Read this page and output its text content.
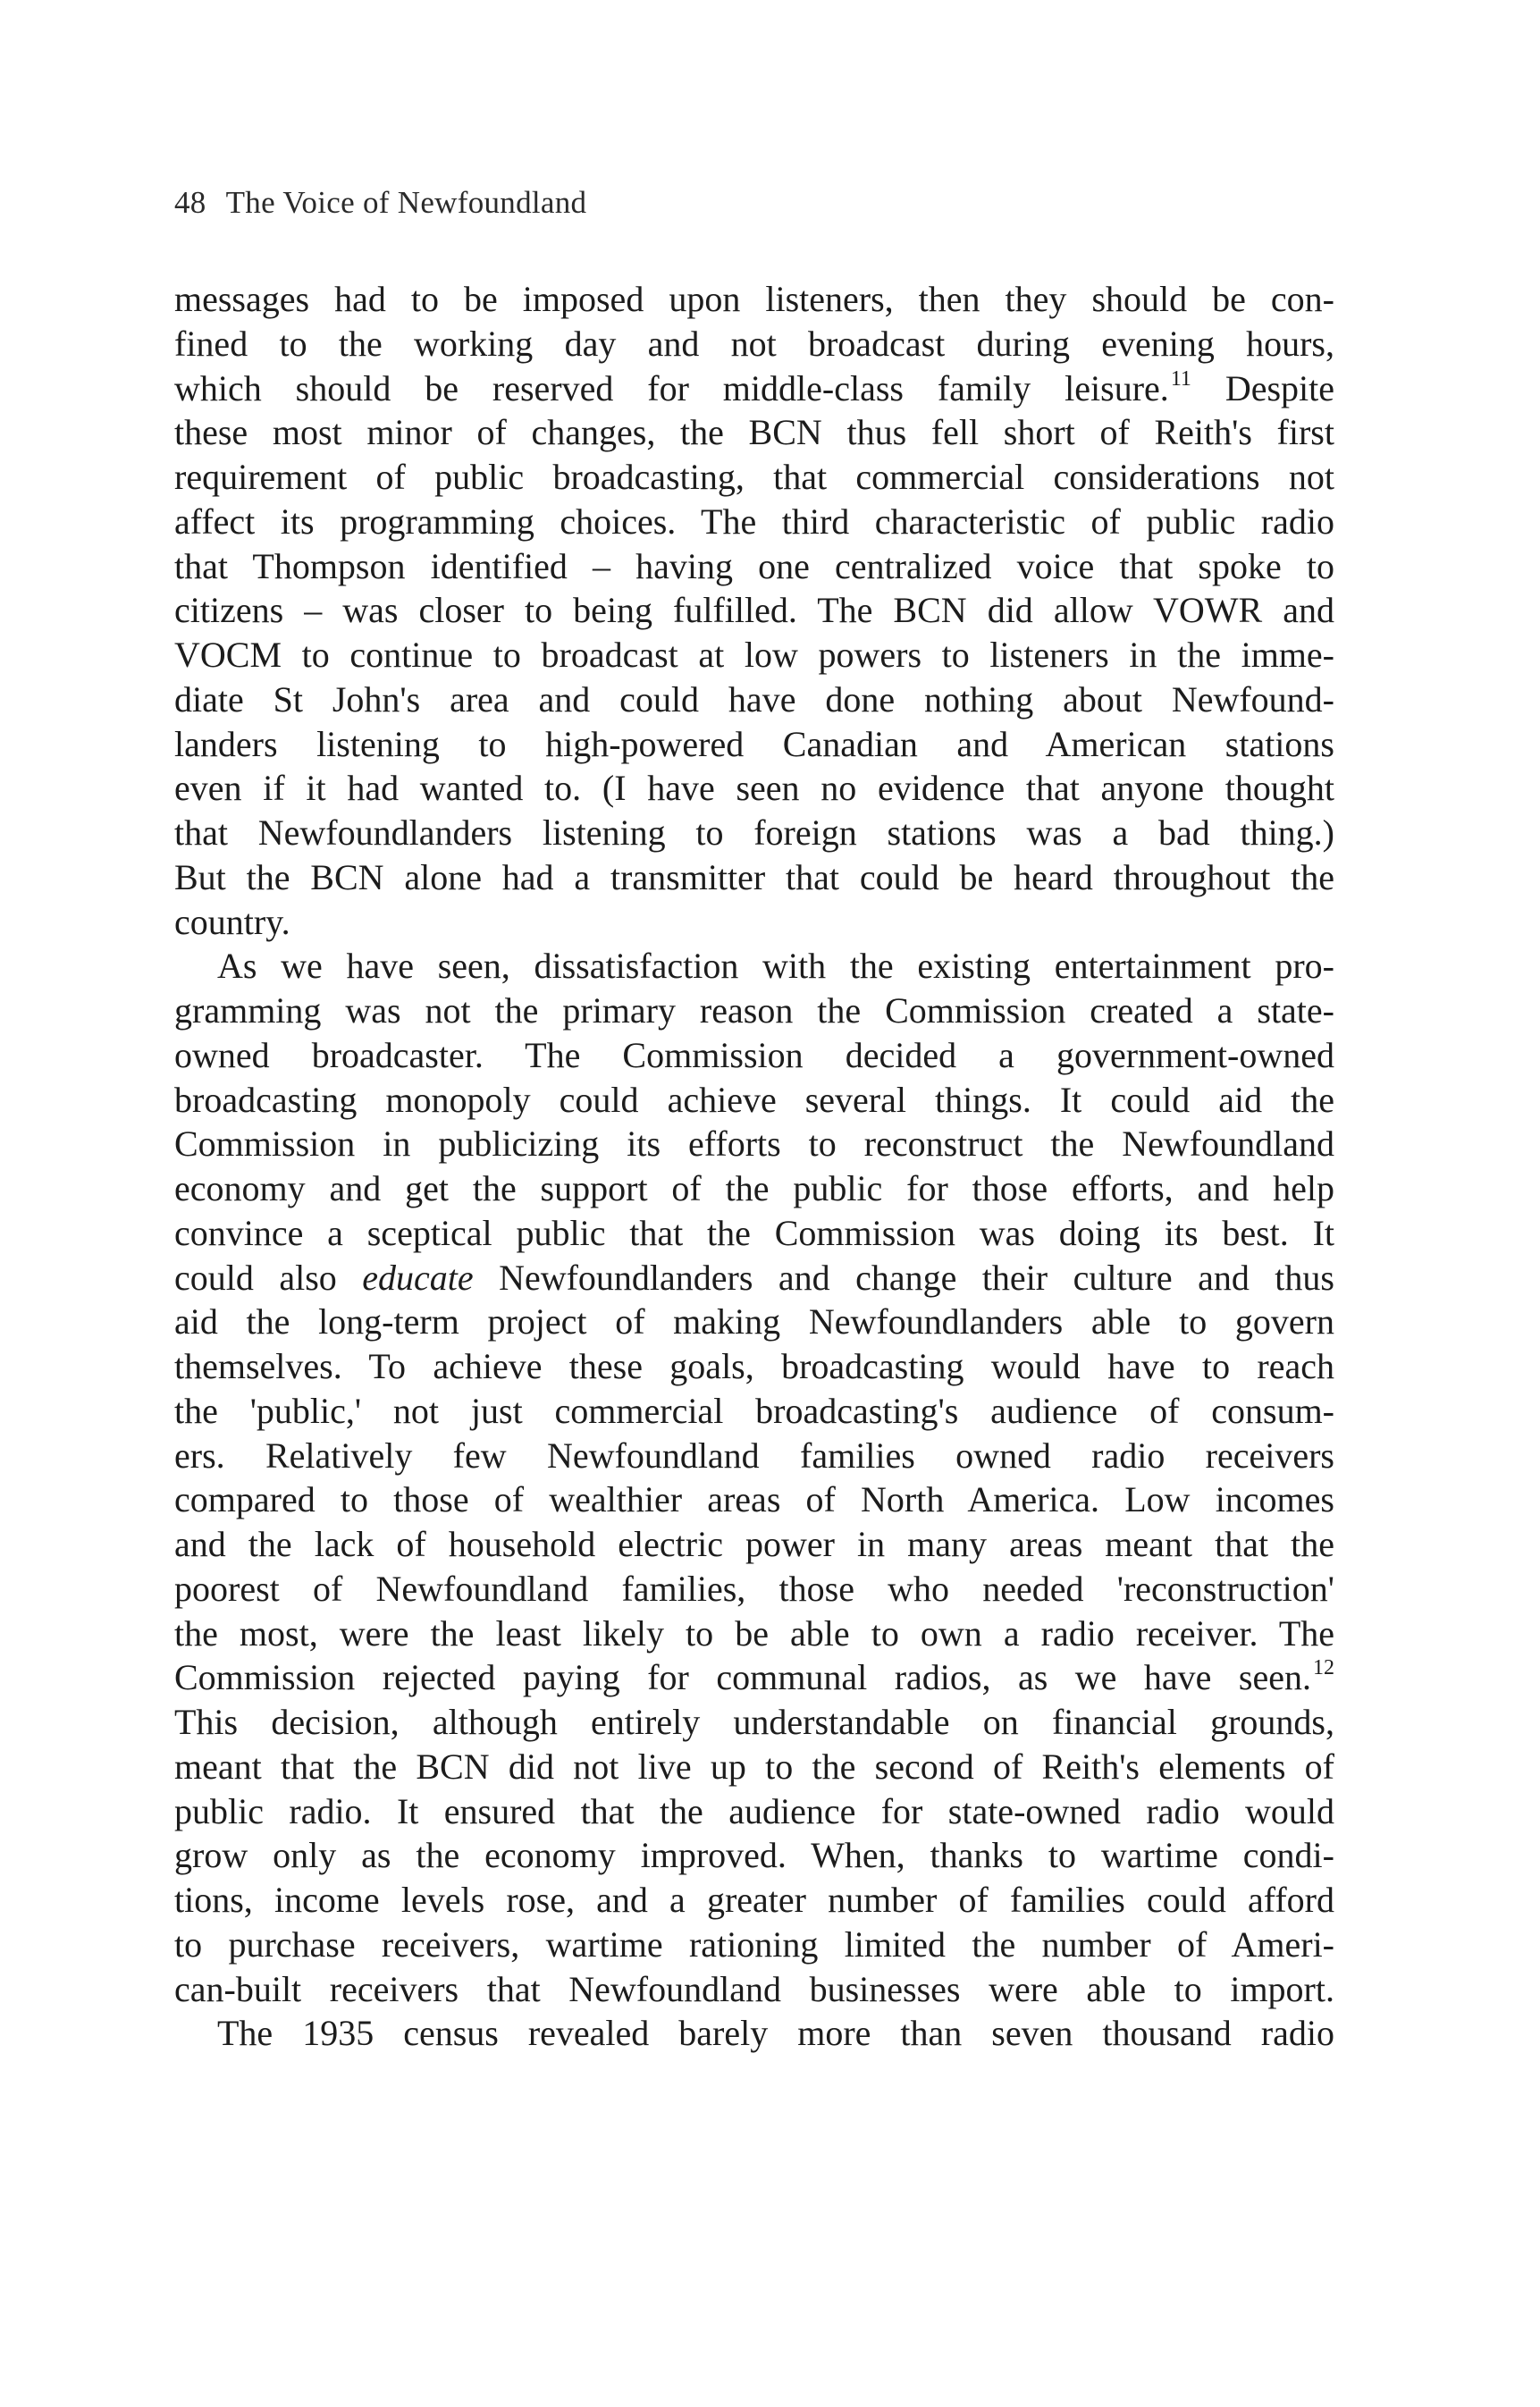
48 The Voice of Newfoundland
messages had to be imposed upon listeners, then they should be con-
fined to the working day and not broadcast during evening hours,
which should be reserved for middle-class family leisure.$^{11}$ Despite
these most minor of changes, the BCN thus fell short of Reith's first
requirement of public broadcasting, that commercial considerations not
affect its programming choices. The third characteristic of public radio
that Thompson identified – having one centralized voice that spoke to
citizens – was closer to being fulfilled. The BCN did allow VOWR and
VOCM to continue to broadcast at low powers to listeners in the imme-
diate St John's area and could have done nothing about Newfound-
landers listening to high-powered Canadian and American stations
even if it had wanted to. (I have seen no evidence that anyone thought
that Newfoundlanders listening to foreign stations was a bad thing.)
But the BCN alone had a transmitter that could be heard throughout the
country.
As we have seen, dissatisfaction with the existing entertainment pro-
gramming was not the primary reason the Commission created a state-
owned broadcaster. The Commission decided a government-owned
broadcasting monopoly could achieve several things. It could aid the
Commission in publicizing its efforts to reconstruct the Newfoundland
economy and get the support of the public for those efforts, and help
convince a sceptical public that the Commission was doing its best. It
could also educate Newfoundlanders and change their culture and thus
aid the long-term project of making Newfoundlanders able to govern
themselves. To achieve these goals, broadcasting would have to reach
the 'public,' not just commercial broadcasting's audience of consum-
ers. Relatively few Newfoundland families owned radio receivers
compared to those of wealthier areas of North America. Low incomes
and the lack of household electric power in many areas meant that the
poorest of Newfoundland families, those who needed 'reconstruction'
the most, were the least likely to be able to own a radio receiver. The
Commission rejected paying for communal radios, as we have seen.$^{12}$
This decision, although entirely understandable on financial grounds,
meant that the BCN did not live up to the second of Reith's elements of
public radio. It ensured that the audience for state-owned radio would
grow only as the economy improved. When, thanks to wartime condi-
tions, income levels rose, and a greater number of families could afford
to purchase receivers, wartime rationing limited the number of Ameri-
can-built receivers that Newfoundland businesses were able to import.
The 1935 census revealed barely more than seven thousand radio
